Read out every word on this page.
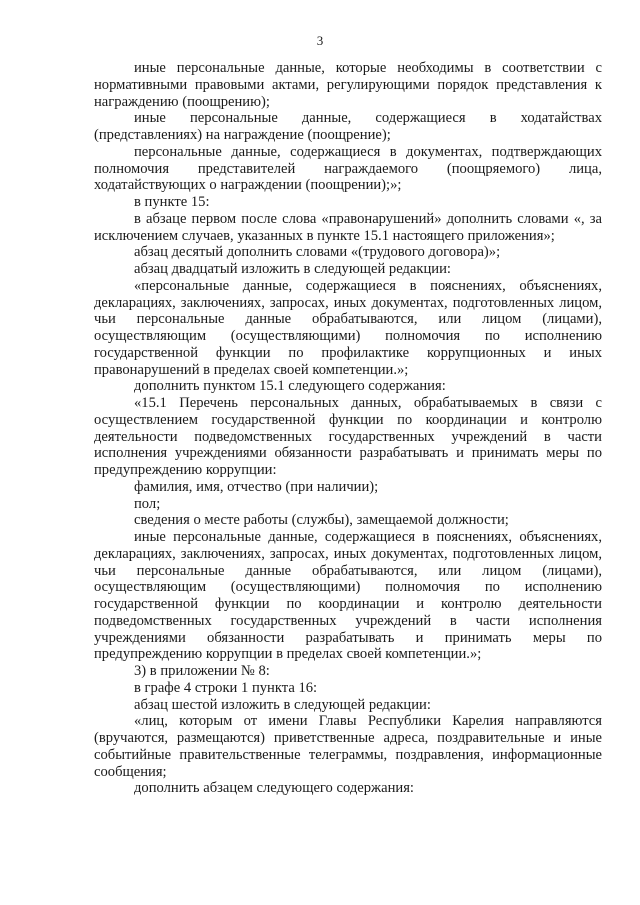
3

иные персональные данные, которые необходимы в соответствии с нормативными правовыми актами, регулирующими порядок представления к награждению (поощрению);

иные персональные данные, содержащиеся в ходатайствах (представлениях) на награждение (поощрение);

персональные данные, содержащиеся в документах, подтверждающих полномочия представителей награждаемого (поощряемого) лица, ходатайствующих о награждении (поощрении);»;

в пункте 15:

в абзаце первом после слова «правонарушений» дополнить словами «, за исключением случаев, указанных в пункте 15.1 настоящего приложения»;

абзац десятый дополнить словами «(трудового договора)»;

абзац двадцатый изложить в следующей редакции:

«персональные данные, содержащиеся в пояснениях, объяснениях, декларациях, заключениях, запросах, иных документах, подготовленных лицом, чьи персональные данные обрабатываются, или лицом (лицами), осуществляющим (осуществляющими) полномочия по исполнению государственной функции по профилактике коррупционных и иных правонарушений в пределах своей компетенции.»;

дополнить пунктом 15.1 следующего содержания:

«15.1 Перечень персональных данных, обрабатываемых в связи с осуществлением государственной функции по координации и контролю деятельности подведомственных государственных учреждений в части исполнения учреждениями обязанности разрабатывать и принимать меры по предупреждению коррупции:

фамилия, имя, отчество (при наличии);

пол;

сведения о месте работы (службы), замещаемой должности;

иные персональные данные, содержащиеся в пояснениях, объяснениях, декларациях, заключениях, запросах, иных документах, подготовленных лицом, чьи персональные данные обрабатываются, или лицом (лицами), осуществляющим (осуществляющими) полномочия по исполнению государственной функции по координации и контролю деятельности подведомственных государственных учреждений в части исполнения учреждениями обязанности разрабатывать и принимать меры по предупреждению коррупции в пределах своей компетенции.»;

3) в приложении № 8:

в графе 4 строки 1 пункта 16:

абзац шестой изложить в следующей редакции:

«лиц, которым от имени Главы Республики Карелия направляются (вручаются, размещаются) приветственные адреса, поздравительные и иные событийные правительственные телеграммы, поздравления, информационные сообщения;

дополнить абзацем следующего содержания:
